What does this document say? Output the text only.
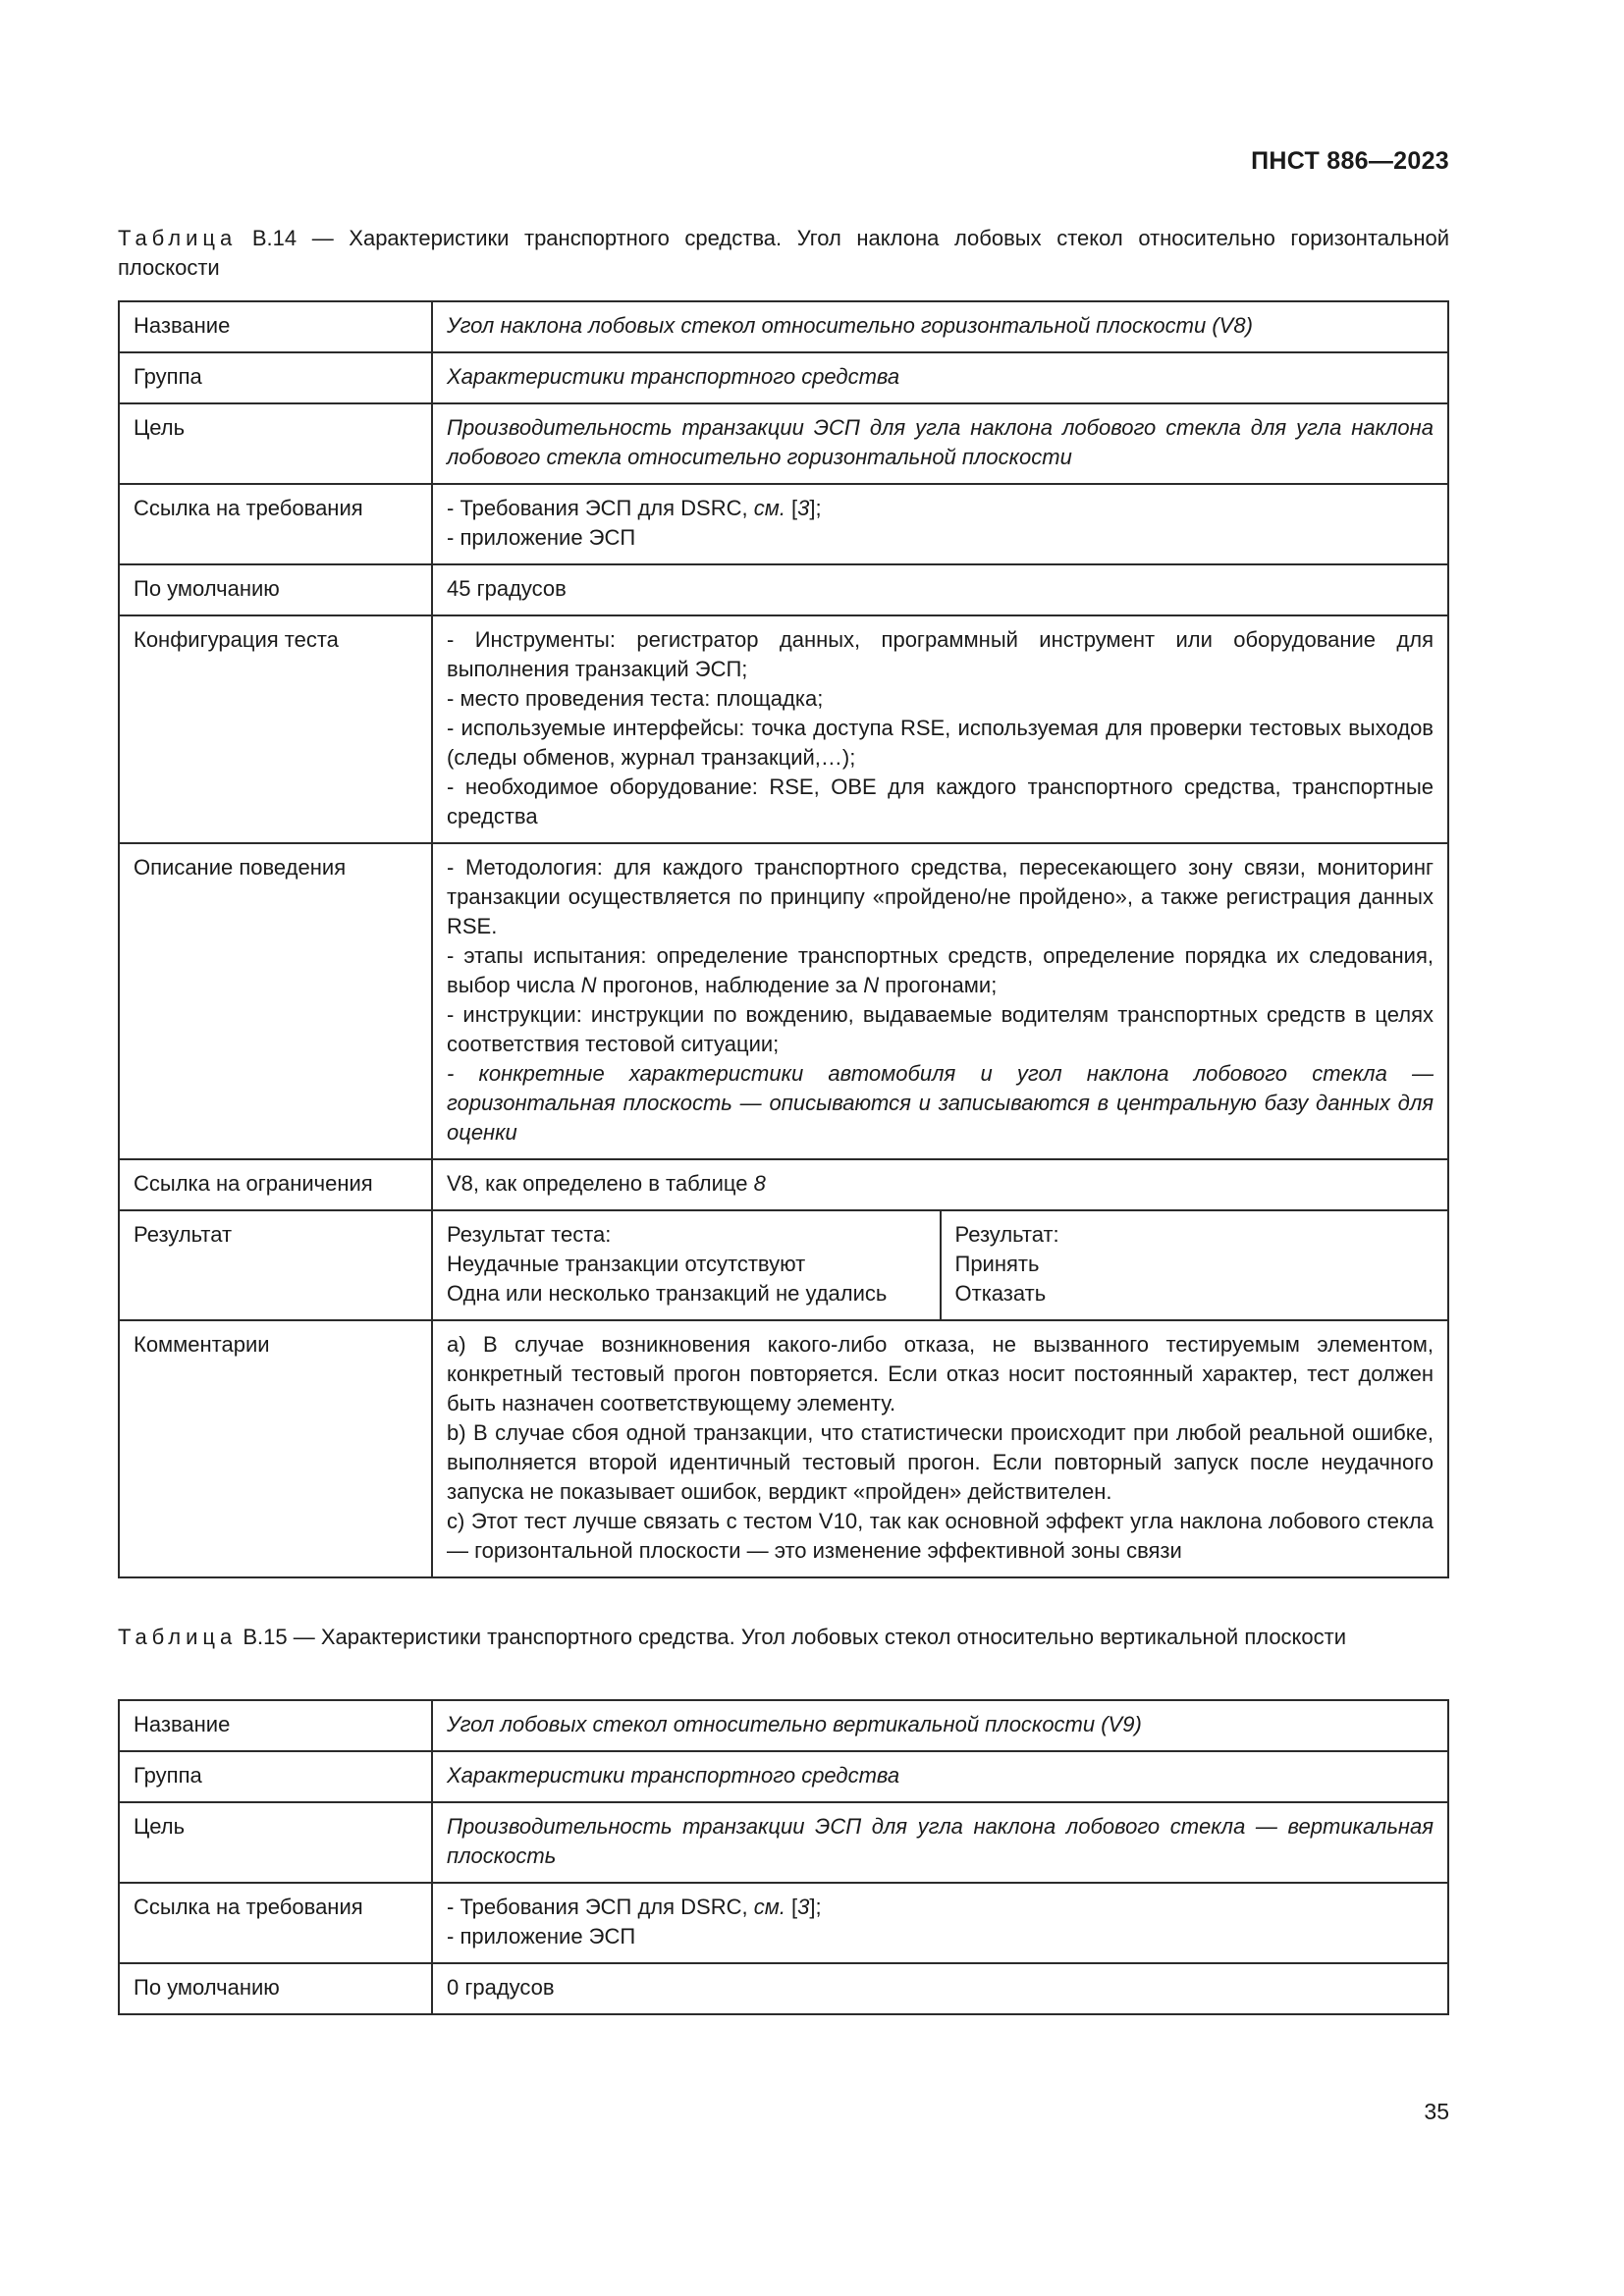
ПНСТ 886—2023
Таблица В.14 — Характеристики транспортного средства. Угол наклона лобовых стекол относительно горизонтальной плоскости
Название	Угол наклона лобовых стекол относительно горизонтальной плоскости (V8)	
Группа	Характеристики транспортного средства	
Цель	Производительность транзакции ЭСП для угла наклона лобового стекла для угла наклона лобового стекла относительно горизонтальной плоскости	
Ссылка на требования	- Требования ЭСП для DSRC, см. [3];
- приложение ЭСП	

По умолчанию	45 градусов	
Конфигурация теста	- Инструменты: регистратор данных, программный инструмент или оборудование для выполнения транзакций ЭСП;
- место проведения теста: площадка;
- используемые интерфейсы: точка доступа RSE, используемая для проверки тестовых выходов (следы обменов, журнал транзакций,…);
- необходимое оборудование: RSE, OBE для каждого транспортного средства, транспортные средства	

Описание поведения	- Методология: для каждого транспортного средства, пересекающего зону связи, мониторинг транзакции осуществляется по принципу «пройдено/не пройдено», а также регистрация данных RSE.
- этапы испытания: определение транспортных средств, определение порядка их следования, выбор числа N прогонов, наблюдение за N прогонами;
- инструкции: инструкции по вождению, выдаваемые водителям транспортных средств в целях соответствия тестовой ситуации;
- конкретные характеристики автомобиля и угол наклона лобового стекла — горизонтальная плоскость — описываются и записываются в центральную базу данных для оценки	

Ссылка на ограничения	V8, как определено в таблице 8	
Результат	Результат теста:
Неудачные транзакции отсутствуют
Одна или несколько транзакций не удались	Результат:
Принять
Отказать

Комментарии	а) В случае возникновения какого-либо отказа, не вызванного тестируемым элементом, конкретный тестовый прогон повторяется. Если отказ носит постоянный характер, тест должен быть назначен соответствующему элементу.
b) В случае сбоя одной транзакции, что статистически происходит при любой реальной ошибке, выполняется второй идентичный тестовый прогон. Если повторный запуск после неудачного запуска не показывает ошибок, вердикт «пройден» действителен.
с) Этот тест лучше связать с тестом V10, так как основной эффект угла наклона лобового стекла — горизонтальной плоскости — это изменение эффективной зоны связи	
Таблица В.15 — Характеристики транспортного средства. Угол лобовых стекол относительно вертикальной плоскости
Название	Угол лобовых стекол относительно вертикальной плоскости (V9)
Группа	Характеристики транспортного средства
Цель	Производительность транзакции ЭСП для угла наклона лобового стекла — вертикальная плоскость
Ссылка на требования	- Требования ЭСП для DSRC, см. [3];
- приложение ЭСП

По умолчанию	0 градусов
35
